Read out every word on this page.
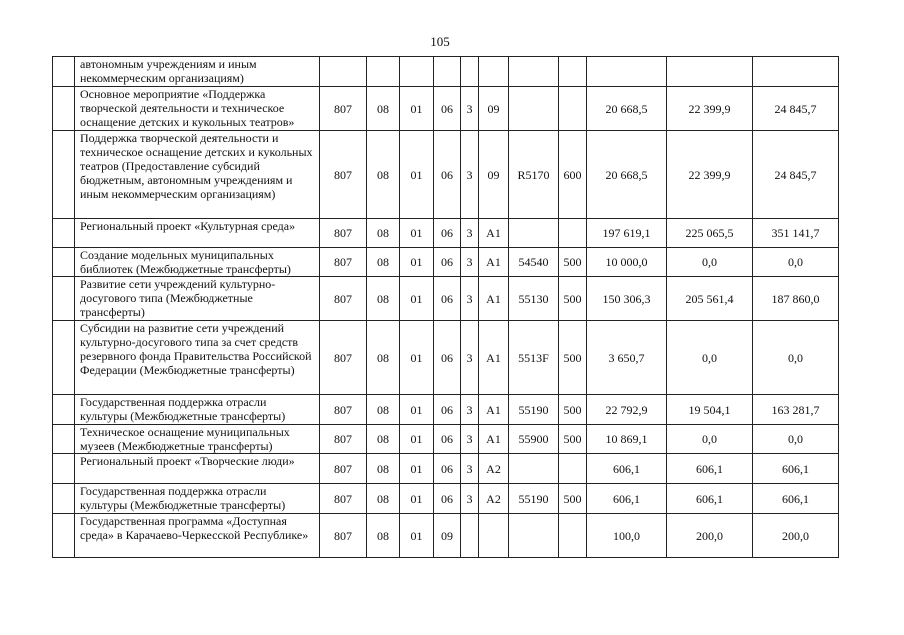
105
	автономным учреждениям и иным некоммерческим организациям)											
	Основное мероприятие «Поддержка творческой деятельности и техническое оснащение детских и кукольных театров»	807	08	01	06	3	09			20 668,5	22 399,9	24 845,7
	Поддержка творческой деятельности и техническое оснащение детских и кукольных театров (Предоставление субсидий бюджетным, автономным учреждениям и иным некоммерческим организациям)	807	08	01	06	3	09	R5170	600	20 668,5	22 399,9	24 845,7
	Региональный проект «Культурная среда»	807	08	01	06	3	A1			197 619,1	225 065,5	351 141,7
	Создание модельных муниципальных библиотек (Межбюджетные трансферты)	807	08	01	06	3	A1	54540	500	10 000,0	0,0	0,0
	Развитие сети учреждений культурно-досугового типа (Межбюджетные трансферты)	807	08	01	06	3	A1	55130	500	150 306,3	205 561,4	187 860,0
	Субсидии на развитие сети учреждений культурно-досугового типа за счет средств резервного фонда Правительства Российской Федерации (Межбюджетные трансферты)	807	08	01	06	3	A1	5513F	500	3 650,7	0,0	0,0
	Государственная поддержка отрасли культуры (Межбюджетные трансферты)	807	08	01	06	3	A1	55190	500	22 792,9	19 504,1	163 281,7
	Техническое оснащение муниципальных музеев (Межбюджетные трансферты)	807	08	01	06	3	A1	55900	500	10 869,1	0,0	0,0
	Региональный проект «Творческие люди»	807	08	01	06	3	A2			606,1	606,1	606,1
	Государственная поддержка отрасли культуры (Межбюджетные трансферты)	807	08	01	06	3	A2	55190	500	606,1	606,1	606,1
	Государственная программа «Доступная среда» в Карачаево-Черкесской Республике»	807	08	01	09					100,0	200,0	200,0
